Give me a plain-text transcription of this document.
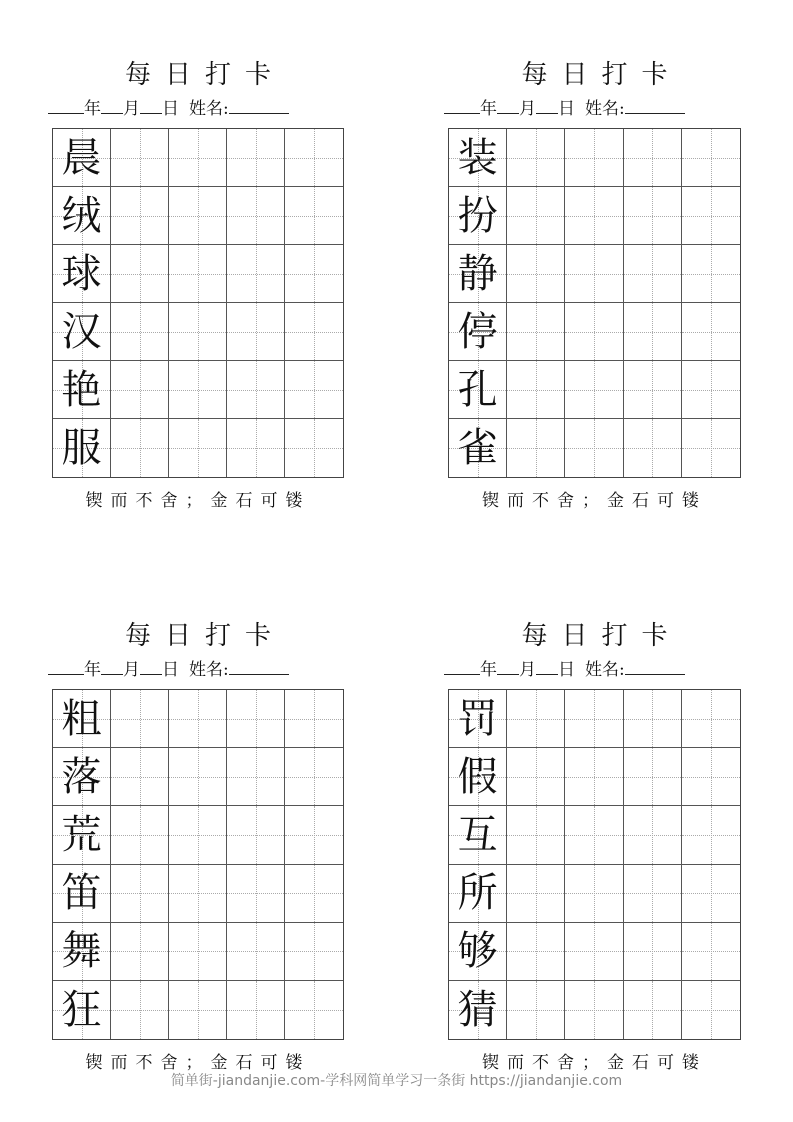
每日打卡
年 月 日 姓名:
晨
绒
球
汉
艳
服
锲而不舍；金石可镂
每日打卡
年 月 日 姓名:
装
扮
静
停
孔
雀
锲而不舍；金石可镂
每日打卡
年 月 日 姓名:
粗
落
荒
笛
舞
狂
锲而不舍；金石可镂
每日打卡
年 月 日 姓名:
罚
假
互
所
够
猜
锲而不舍；金石可镂
简单街-jiandanjie.com-学科网简单学习一条街 https://jiandanjie.com
